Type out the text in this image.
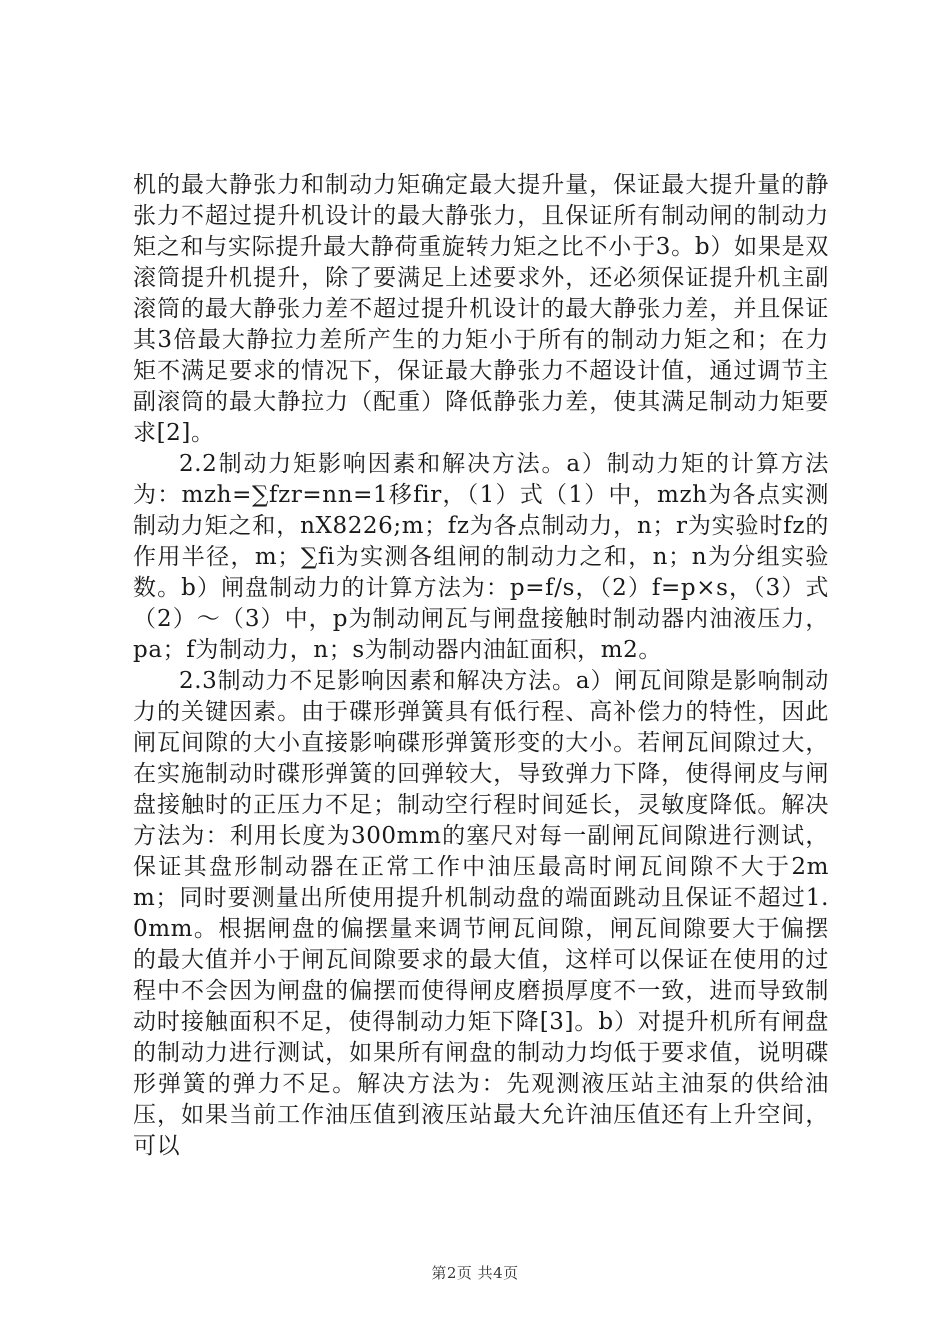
机的最大静张力和制动力矩确定最大提升量，保证最大提升量的静张力不超过提升机设计的最大静张力，且保证所有制动闸的制动力矩之和与实际提升最大静荷重旋转力矩之比不小于3。b）如果是双滚筒提升机提升，除了要满足上述要求外，还必须保证提升机主副滚筒的最大静张力差不超过提升机设计的最大静张力差，并且保证其3倍最大静拉力差所产生的力矩小于所有的制动力矩之和；在力矩不满足要求的情况下，保证最大静张力不超设计值，通过调节主副滚筒的最大静拉力（配重）降低静张力差，使其满足制动力矩要求[2]。

2.2制动力矩影响因素和解决方法。a）制动力矩的计算方法为：mzh=∑fzr=nn=1移fir，（1）式（1）中，mzh为各点实测制动力矩之和，nX8226;m；fz为各点制动力，n；r为实验时fz的作用半径，m；∑fi为实测各组闸的制动力之和，n；n为分组实验数。b）闸盘制动力的计算方法为：p=f/s，（2）f=p×s，（3）式（2）～（3）中，p为制动闸瓦与闸盘接触时制动器内油液压力，pa；f为制动力，n；s为制动器内油缸面积，m2。

2.3制动力不足影响因素和解决方法。a）闸瓦间隙是影响制动力的关键因素。由于碟形弹簧具有低行程、高补偿力的特性，因此闸瓦间隙的大小直接影响碟形弹簧形变的大小。若闸瓦间隙过大，在实施制动时碟形弹簧的回弹较大，导致弹力下降，使得闸皮与闸盘接触时的正压力不足；制动空行程时间延长，灵敏度降低。解决方法为：利用长度为300mm的塞尺对每一副闸瓦间隙进行测试，保证其盘形制动器在正常工作中油压最高时闸瓦间隙不大于2mm；同时要测量出所使用提升机制动盘的端面跳动且保证不超过1.0mm。根据闸盘的偏摆量来调节闸瓦间隙，闸瓦间隙要大于偏摆的最大值并小于闸瓦间隙要求的最大值，这样可以保证在使用的过程中不会因为闸盘的偏摆而使得闸皮磨损厚度不一致，进而导致制动时接触面积不足，使得制动力矩下降[3]。b）对提升机所有闸盘的制动力进行测试，如果所有闸盘的制动力均低于要求值，说明碟形弹簧的弹力不足。解决方法为：先观测液压站主油泵的供给油压，如果当前工作油压值到液压站最大允许油压值还有上升空间，可以

第2页 共4页
